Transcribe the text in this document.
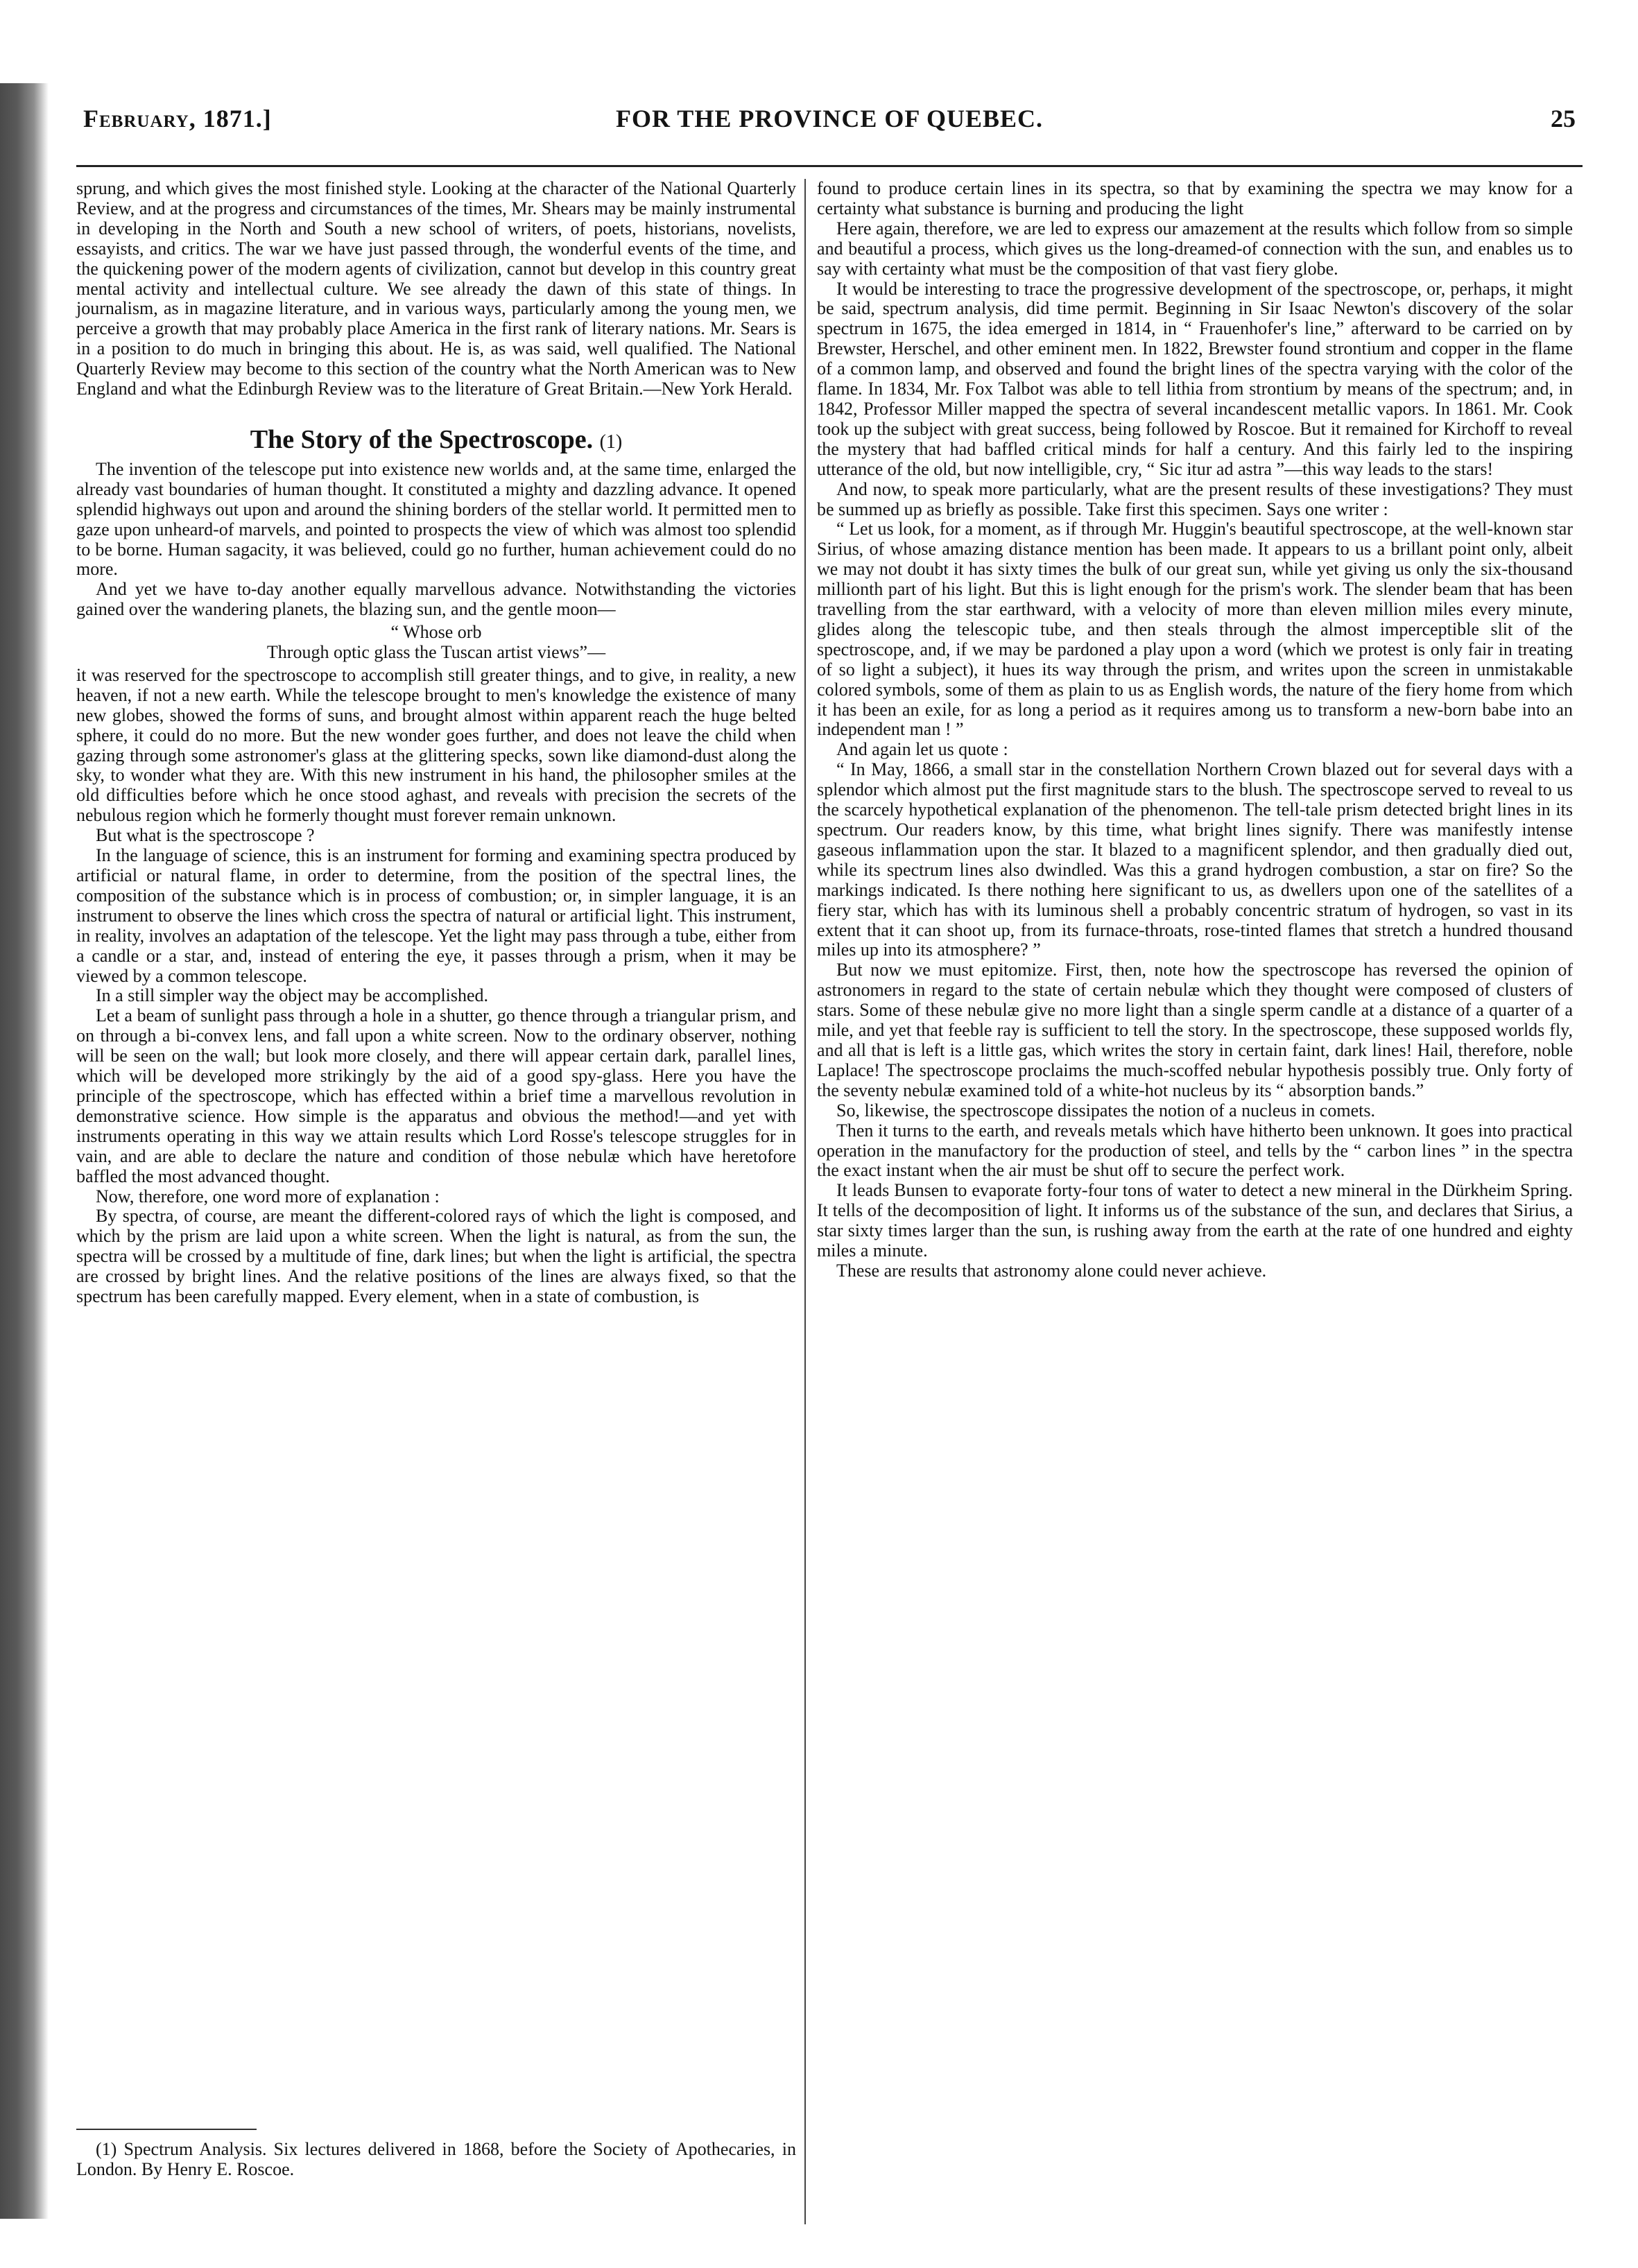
February, 1871.]	FOR THE PROVINCE OF QUEBEC.	25

sprung, and which gives the most finished style. Looking at the character of the National Quarterly Review, and at the progress and circumstances of the times, Mr. Shears may be mainly instrumental in developing in the North and South a new school of writers, of poets, historians, novelists, essayists, and critics. The war we have just passed through, the wonderful events of the time, and the quickening power of the modern agents of civilization, cannot but develop in this country great mental activity and intellectual culture. We see already the dawn of this state of things. In journalism, as in magazine literature, and in various ways, particularly among the young men, we perceive a growth that may probably place America in the first rank of literary nations. Mr. Sears is in a position to do much in bringing this about. He is, as was said, well qualified. The National Quarterly Review may become to this section of the country what the North American was to New England and what the Edinburgh Review was to the literature of Great Britain.—New York Herald.

The Story of the Spectroscope. (1)

The invention of the telescope put into existence new worlds and, at the same time, enlarged the already vast boundaries of human thought. It constituted a mighty and dazzling advance. It opened splendid highways out upon and around the shining borders of the stellar world. It permitted men to gaze upon unheard-of marvels, and pointed to prospects the view of which was almost too splendid to be borne. Human sagacity, it was believed, could go no further, human achievement could do no more.

And yet we have to-day another equally marvellous advance. Notwithstanding the victories gained over the wandering planets, the blazing sun, and the gentle moon—

“ Whose orb
Through optic glass the Tuscan artist views”—

it was reserved for the spectroscope to accomplish still greater things, and to give, in reality, a new heaven, if not a new earth. While the telescope brought to men's knowledge the existence of many new globes, showed the forms of suns, and brought almost within apparent reach the huge belted sphere, it could do no more. But the new wonder goes further, and does not leave the child when gazing through some astronomer's glass at the glittering specks, sown like diamond-dust along the sky, to wonder what they are. With this new instrument in his hand, the philosopher smiles at the old difficulties before which he once stood aghast, and reveals with precision the secrets of the nebulous region which he formerly thought must forever remain unknown.

But what is the spectroscope ?

In the language of science, this is an instrument for forming and examining spectra produced by artificial or natural flame, in order to determine, from the position of the spectral lines, the composition of the substance which is in process of combustion; or, in simpler language, it is an instrument to observe the lines which cross the spectra of natural or artificial light. This instrument, in reality, involves an adaptation of the telescope. Yet the light may pass through a tube, either from a candle or a star, and, instead of entering the eye, it passes through a prism, when it may be viewed by a common telescope.

In a still simpler way the object may be accomplished.

Let a beam of sunlight pass through a hole in a shutter, go thence through a triangular prism, and on through a bi-convex lens, and fall upon a white screen. Now to the ordinary observer, nothing will be seen on the wall; but look more closely, and there will appear certain dark, parallel lines, which will be developed more strikingly by the aid of a good spy-glass. Here you have the principle of the spectroscope, which has effected within a brief time a marvellous revolution in demonstrative science. How simple is the apparatus and obvious the method!—and yet with instruments operating in this way we attain results which Lord Rosse's telescope struggles for in vain, and are able to declare the nature and condition of those nebulæ which have heretofore baffled the most advanced thought.

Now, therefore, one word more of explanation :

By spectra, of course, are meant the different-colored rays of which the light is composed, and which by the prism are laid upon a white screen. When the light is natural, as from the sun, the spectra will be crossed by a multitude of fine, dark lines; but when the light is artificial, the spectra are crossed by bright lines. And the relative positions of the lines are always fixed, so that the spectrum has been carefully mapped. Every element, when in a state of combustion, is

(1) Spectrum Analysis. Six lectures delivered in 1868, before the Society of Apothecaries, in London. By Henry E. Roscoe.

found to produce certain lines in its spectra, so that by examining the spectra we may know for a certainty what substance is burning and producing the light

Here again, therefore, we are led to express our amazement at the results which follow from so simple and beautiful a process, which gives us the long-dreamed-of connection with the sun, and enables us to say with certainty what must be the composition of that vast fiery globe.

It would be interesting to trace the progressive development of the spectroscope, or, perhaps, it might be said, spectrum analysis, did time permit. Beginning in Sir Isaac Newton's discovery of the solar spectrum in 1675, the idea emerged in 1814, in “ Frauenhofer's line,” afterward to be carried on by Brewster, Herschel, and other eminent men. In 1822, Brewster found strontium and copper in the flame of a common lamp, and observed and found the bright lines of the spectra varying with the color of the flame. In 1834, Mr. Fox Talbot was able to tell lithia from strontium by means of the spectrum; and, in 1842, Professor Miller mapped the spectra of several incandescent metallic vapors. In 1861. Mr. Cook took up the subject with great success, being followed by Roscoe. But it remained for Kirchoff to reveal the mystery that had baffled critical minds for half a century. And this fairly led to the inspiring utterance of the old, but now intelligible, cry, “ Sic itur ad astra ”—this way leads to the stars!

And now, to speak more particularly, what are the present results of these investigations? They must be summed up as briefly as possible. Take first this specimen. Says one writer :

“ Let us look, for a moment, as if through Mr. Huggin's beautiful spectroscope, at the well-known star Sirius, of whose amazing distance mention has been made. It appears to us a brillant point only, albeit we may not doubt it has sixty times the bulk of our great sun, while yet giving us only the six-thousand millionth part of his light. But this is light enough for the prism's work. The slender beam that has been travelling from the star earthward, with a velocity of more than eleven million miles every minute, glides along the telescopic tube, and then steals through the almost imperceptible slit of the spectroscope, and, if we may be pardoned a play upon a word (which we protest is only fair in treating of so light a subject), it hues its way through the prism, and writes upon the screen in unmistakable colored symbols, some of them as plain to us as English words, the nature of the fiery home from which it has been an exile, for as long a period as it requires among us to transform a new-born babe into an independent man ! ”

And again let us quote :

“ In May, 1866, a small star in the constellation Northern Crown blazed out for several days with a splendor which almost put the first magnitude stars to the blush. The spectroscope served to reveal to us the scarcely hypothetical explanation of the phenomenon. The tell-tale prism detected bright lines in its spectrum. Our readers know, by this time, what bright lines signify. There was manifestly intense gaseous inflammation upon the star. It blazed to a magnificent splendor, and then gradually died out, while its spectrum lines also dwindled. Was this a grand hydrogen combustion, a star on fire? So the markings indicated. Is there nothing here significant to us, as dwellers upon one of the satellites of a fiery star, which has with its luminous shell a probably concentric stratum of hydrogen, so vast in its extent that it can shoot up, from its furnace-throats, rose-tinted flames that stretch a hundred thousand miles up into its atmosphere? ”

But now we must epitomize. First, then, note how the spectroscope has reversed the opinion of astronomers in regard to the state of certain nebulæ which they thought were composed of clusters of stars. Some of these nebulæ give no more light than a single sperm candle at a distance of a quarter of a mile, and yet that feeble ray is sufficient to tell the story. In the spectroscope, these supposed worlds fly, and all that is left is a little gas, which writes the story in certain faint, dark lines! Hail, therefore, noble Laplace! The spectroscope proclaims the much-scoffed nebular hypothesis possibly true. Only forty of the seventy nebulæ examined told of a white-hot nucleus by its “ absorption bands.”

So, likewise, the spectroscope dissipates the notion of a nucleus in comets.

Then it turns to the earth, and reveals metals which have hitherto been unknown. It goes into practical operation in the manufactory for the production of steel, and tells by the “ carbon lines ” in the spectra the exact instant when the air must be shut off to secure the perfect work.

It leads Bunsen to evaporate forty-four tons of water to detect a new mineral in the Dürkheim Spring. It tells of the decomposition of light. It informs us of the substance of the sun, and declares that Sirius, a star sixty times larger than the sun, is rushing away from the earth at the rate of one hundred and eighty miles a minute.

These are results that astronomy alone could never achieve.
